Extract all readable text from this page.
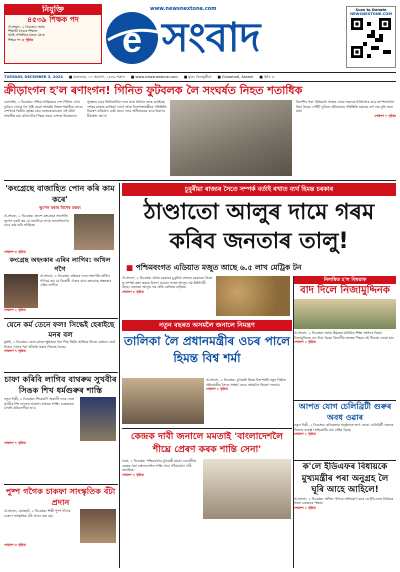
নিযুক্তি
৪৫৩৯ শিক্ষক পদ
ঔ-সংবাদ, ২ ডিচেম্বৰ: অসম
শিক্ষাদ্ধী হাওৰে শিক্ষাত
আহি সাম্প্ৰতিক মাহত মোহে
শিক্ষক পদ ৪ পৃষ্ঠাত
www.newsnextone.com
e সংবাদ
Scan to Donate
NEWSNEXTONE.COM
TUESDAY, DECEMBER 3, 2024 ■ মঙলবাৰ, ১৭ অঘোণ, ১৯৪৬ শকাব্দ ■ www.newsnextone.com ■ মূল্য: বিনামূলীয়া ■ Guwahati, Assam ■ পৃষ্ঠা: ৪
ক্ৰীড়াংগন হ'ল ৰণাংগন! গিনিত ফুটবলক লৈ সংঘৰ্ষত নিহত শতাধিক
কোনাক্ৰি, ২ ডিচেম্বৰ: পশ্চিম আফ্ৰিকাৰ দেশ গিনিত এখন ফুটবল খেলক লৈ সৃষ্টি হোৱা সংঘৰ্ষত নিহত শতাধিক লোক। দেশখনৰ দ্বিতীয় বৃহত্তম চহৰ নজেৰেকোৰেত এই ঘটনা সংঘটিত হয়। ঘটনাটোৰ পিছত সমগ্ৰ দেশতে উত্তেজনা।
সুৰক্ষাৰ বাবে তিনিজনীয়া দলৰ দ্বাৰা ঘটনাৰ তদন্ত চলাইছে। দৰ্শকৰ মাজত কাজিয়া লাগে আৰু নিৰাপত্তাৰক্ষীয়ে পৰিস্থিতি নিয়ন্ত্ৰণ কৰিবলৈ চেষ্টা কৰে। দলৰ অধিনায়কৰ বাবে বিবাদৰ মীমাংসা নহ'ল।
বিদেশীৰ পৰা: ইতিমধ্যে আহত লোক সকলক চিকিৎসাৰ বাবে হাস্পতাললৈ নিয়া হৈছে। পেটিট ফুটবল ষ্টেডিয়ামৰ পৰিস্থিতি ভয়াবহ ৰূপ লয় বুলি জনা যায়।
শেষাংশ ৭ পৃষ্ঠাত
'কংগ্ৰেছে বাজাহিত পোন কৰি কাম কৰে'
ভূপেন বৰাৰ বিশেষ মন্তব্য
ঔ-সংবাদ, ২ ডিচেম্বৰ: প্ৰদেশ কংগ্ৰেছৰ সভাপতি ভূপেন বৰাই কয় যে দলটোৱে সদায় জনসাধাৰণৰ বাবে কাম কৰি আহিছে।
শেষাংশ ৩ পৃষ্ঠাত
কংগ্ৰেছ অহংকাৰ এৰিব লাগিব: অখিল গগৈ
ঔ-সংবাদ, ২ ডিচেম্বৰ: ৰাইজৰ দলৰ সভাপতি অখিল গগৈয়ে কয় যে বিৰোধী ঐক্যৰ বাবে কংগ্ৰেছে অহংকাৰ এৰিব লাগিব।
শেষাংশ ২ পৃষ্ঠাত
চুবুৰীয়া ৰাজ্যৰ সৈতে সম্পৰ্ক বৰ্তাই ৰখাত ব্যৰ্থ হিমন্ত চৰকাৰ
ঠাণ্ডাতো আলুৰ দামে গৰম কৰিব জনতাৰ তালু!
■ পশ্চিমবংগত এডিয়াত মজুত আছে ৬.৫ লাখ মেট্ৰিক টন
ঔ-সংবাদ, ২ ডিচেম্বৰ: অসম চৰকাৰে চুবুৰীয়া ৰাজ্যৰ চৰকাৰৰ সৈতে সু-সম্পৰ্ক ৰক্ষা কৰাত বিফল হোৱাৰ ফলত আলুৰ দাম ঊৰ্ধ্বগামী হৈছে। বজাৰত আলুৰ দাম প্ৰতি কেজিত বাঢ়িছে।
শেষাংশ ৫ পৃষ্ঠাত
নিলম্বিত হ'ল বিষয়াক
বাদ দিলে নিজামুদ্দিনক
ঔ-সংবাদ, ২ ডিচেম্বৰ: অসম উচ্চতৰ মাধ্যমিক শিক্ষা সংসদৰ বিষয়া নিজামুদ্দিনক বাদ দিয়া হৈছে। বিভাগীয় তদন্তৰ পিছত এই সিদ্ধান্ত লোৱা হয়।
শেষাংশ ২ পৃষ্ঠাত
যেনে কৰ্ম তেনে ফল! সিদ্ধেই হেৰাইছে মনৰ বল
মুম্বাই, ২ ডিচেম্বৰ: কোন-কাৰো ক্ষুণ্ণতাৰ পৰা পিছ হুঁহকি আহিছে সিদ্ধে। বৰ্তমান তেওঁ নিজৰ খেলৰ পৰা আঁতৰি থকাৰ সিদ্ধান্ত লৈছে।
শেষাংশ ৭ পৃষ্ঠাত
নতুন বছৰত অসমলৈ জনালে নিমন্ত্ৰণ
তালিকা লৈ প্ৰধানমন্ত্ৰীৰ ওচৰ পালে হিমন্ত বিশ্ব শৰ্মা
ঔ-সংবাদ, ২ ডিচেম্বৰ: মুখ্যমন্ত্ৰী হিমন্ত বিশ্ব শৰ্মাই নতুন দিল্লীত প্ৰধানমন্ত্ৰীৰ সৈতে সাক্ষাৎ কৰে। অসমলৈ নিমন্ত্ৰণ জনায়।
শেষাংশ ২ পৃষ্ঠাত
আপত যোগ চেলিব্ৰিটী গুৰুৰ অবধ ওৱাৰ
নতুন দিল্লী, ২ ডিচেম্বৰ: কলিকতাৰ অনুষ্ঠানত ভাগ লোৱা চেলিব্ৰিটী সকলৰ বিৰুদ্ধে ব্যৱস্থা। হাইকোৰ্টৰ ৰায় বাহিৰ হৈছে।
শেষাংশ ২ পৃষ্ঠাত
চাফা কৰিবি লাগিব বাথৰুম সুখবীৰ সিঙক শিখ ধৰ্মগুৰুৰ শাস্তি
নতুন দিল্লী, ২ ডিচেম্বৰ: শিৰোমণি অকালী দলৰ নেতা সুখবীৰ সিং বাদলক আকাল তখতৰ শাস্তি। গুৰুদ্বাৰত চাফাই কৰিবলগীয়া হ'ব।
শেষাংশ ৭ পৃষ্ঠাত
পুষ্প গগৈক চাকফা সাংস্কৃতিক বঁটা প্ৰদান
ঔ-সংবাদ, যোৰহাট, ২ ডিচেম্বৰ: শিল্পী পুষ্প গগৈক চাকফা সাংস্কৃতিক বঁটা প্ৰদান কৰা হয়।
শেষাংশ ৩ পৃষ্ঠাত
কেন্দ্ৰক দাবী জনালে মমতাই 'বাংলাদেশলৈ শীঘ্ৰে প্ৰেৰণ কৰক শান্তি সেনা'
ঢাকা, ২ ডিচেম্বৰ: পশ্চিমবংগৰ মুখ্যমন্ত্ৰী মমতা বেনাৰ্জীয়ে কেন্দ্ৰৰ পৰা বাংলাদেশলৈ শান্তি সেনা পঠিয়াবলৈ দাবী জনাইছে।
শেষাংশ ৭ পৃষ্ঠাত
ক'লে ইডিএফৰ বিধায়কে মুখ্যমন্ত্ৰীৰ পৰা অনুগ্ৰহ লৈ ঘূৰি আহে আহিলে!
ঔ-সংবাদ, ২ ডিচেম্বৰ: অখিল গগৈয়ে অভিযোগ কৰে যে ইডিএফৰ বিধায়ক সকল চৰকাৰৰ পক্ষত।
শেষাংশ ২ পৃষ্ঠাত
